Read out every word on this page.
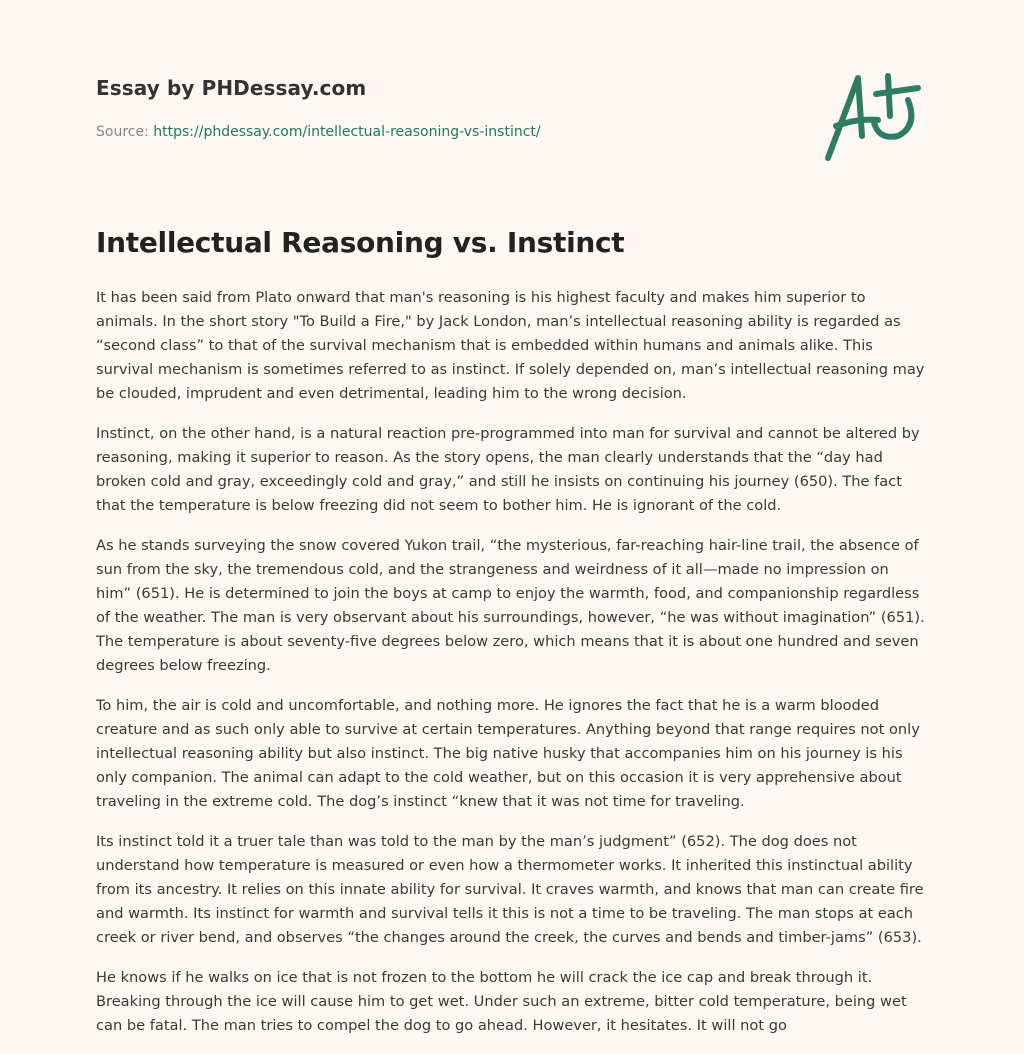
Essay by PHDessay.com
Source: https://phdessay.com/intellectual-reasoning-vs-instinct/
Intellectual Reasoning vs. Instinct

It has been said from Plato onward that man's reasoning is his highest faculty and makes him superior to
animals. In the short story "To Build a Fire," by Jack London, man’s intellectual reasoning ability is regarded as
“second class” to that of the survival mechanism that is embedded within humans and animals alike. This
survival mechanism is sometimes referred to as instinct. If solely depended on, man’s intellectual reasoning may
be clouded, imprudent and even detrimental, leading him to the wrong decision.

Instinct, on the other hand, is a natural reaction pre-programmed into man for survival and cannot be altered by
reasoning, making it superior to reason. As the story opens, the man clearly understands that the “day had
broken cold and gray, exceedingly cold and gray,” and still he insists on continuing his journey (650). The fact
that the temperature is below freezing did not seem to bother him. He is ignorant of the cold.

As he stands surveying the snow covered Yukon trail, “the mysterious, far-reaching hair-line trail, the absence of
sun from the sky, the tremendous cold, and the strangeness and weirdness of it all—made no impression on
him” (651). He is determined to join the boys at camp to enjoy the warmth, food, and companionship regardless
of the weather. The man is very observant about his surroundings, however, “he was without imagination” (651).
The temperature is about seventy-five degrees below zero, which means that it is about one hundred and seven
degrees below freezing.

To him, the air is cold and uncomfortable, and nothing more. He ignores the fact that he is a warm blooded
creature and as such only able to survive at certain temperatures. Anything beyond that range requires not only
intellectual reasoning ability but also instinct. The big native husky that accompanies him on his journey is his
only companion. The animal can adapt to the cold weather, but on this occasion it is very apprehensive about
traveling in the extreme cold. The dog’s instinct “knew that it was not time for traveling.

Its instinct told it a truer tale than was told to the man by the man’s judgment” (652). The dog does not
understand how temperature is measured or even how a thermometer works. It inherited this instinctual ability
from its ancestry. It relies on this innate ability for survival. It craves warmth, and knows that man can create fire
and warmth. Its instinct for warmth and survival tells it this is not a time to be traveling. The man stops at each
creek or river bend, and observes “the changes around the creek, the curves and bends and timber-jams” (653).

He knows if he walks on ice that is not frozen to the bottom he will crack the ice cap and break through it.
Breaking through the ice will cause him to get wet. Under such an extreme, bitter cold temperature, being wet
can be fatal. The man tries to compel the dog to go ahead. However, it hesitates. It will not go
